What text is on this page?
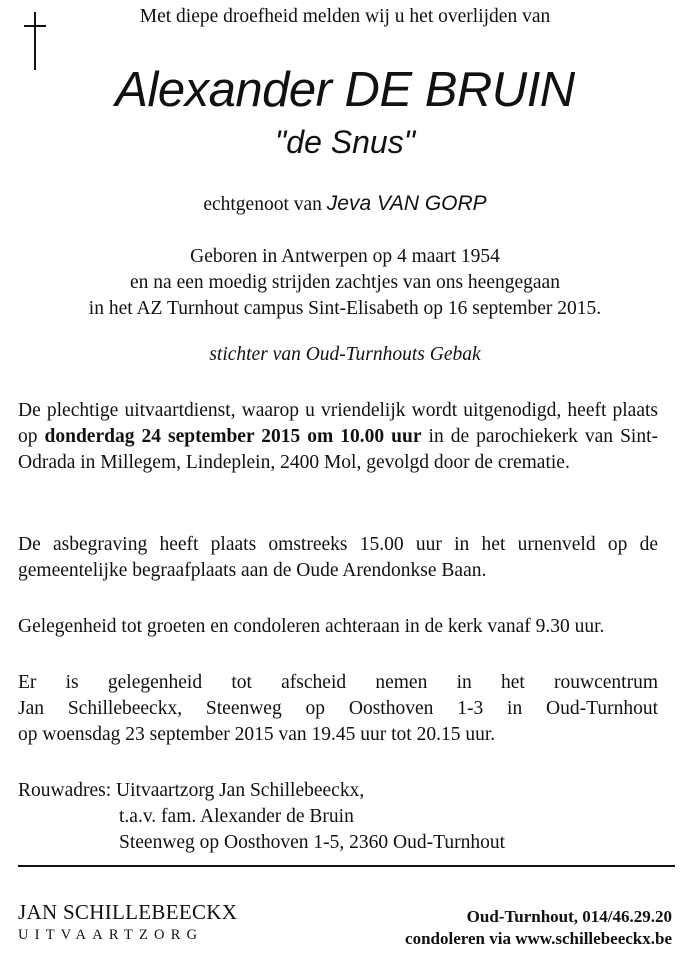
Met diepe droefheid melden wij u het overlijden van
Alexander DE BRUIN
"de Snus"
echtgenoot van Jeva VAN GORP
Geboren in Antwerpen op 4 maart 1954
en na een moedig strijden zachtjes van ons heengegaan
in het AZ Turnhout campus Sint-Elisabeth op 16 september 2015.
stichter van Oud-Turnhouts Gebak
De plechtige uitvaartdienst, waarop u vriendelijk wordt uitgenodigd, heeft plaats op donderdag 24 september 2015 om 10.00 uur in de parochiekerk van Sint-Odrada in Millegem, Lindeplein, 2400 Mol, gevolgd door de crematie.
De asbegraving heeft plaats omstreeks 15.00 uur in het urnenveld op de gemeentelijke begraafplaats aan de Oude Arendonkse Baan.
Gelegenheid tot groeten en condoleren achteraan in de kerk vanaf 9.30 uur.
Er is gelegenheid tot afscheid nemen in het rouwcentrum
Jan Schillebeeckx, Steenweg op Oosthoven 1-3 in Oud-Turnhout
op woensdag 23 september 2015 van 19.45 uur tot 20.15 uur.
Rouwadres: Uitvaartzorg Jan Schillebeeckx,
t.a.v. fam. Alexander de Bruin
Steenweg op Oosthoven 1-5, 2360 Oud-Turnhout
JAN SCHILLEBEECKX
UITVAARTZORG
Oud-Turnhout, 014/46.29.20
condoleren via www.schillebeeckx.be
